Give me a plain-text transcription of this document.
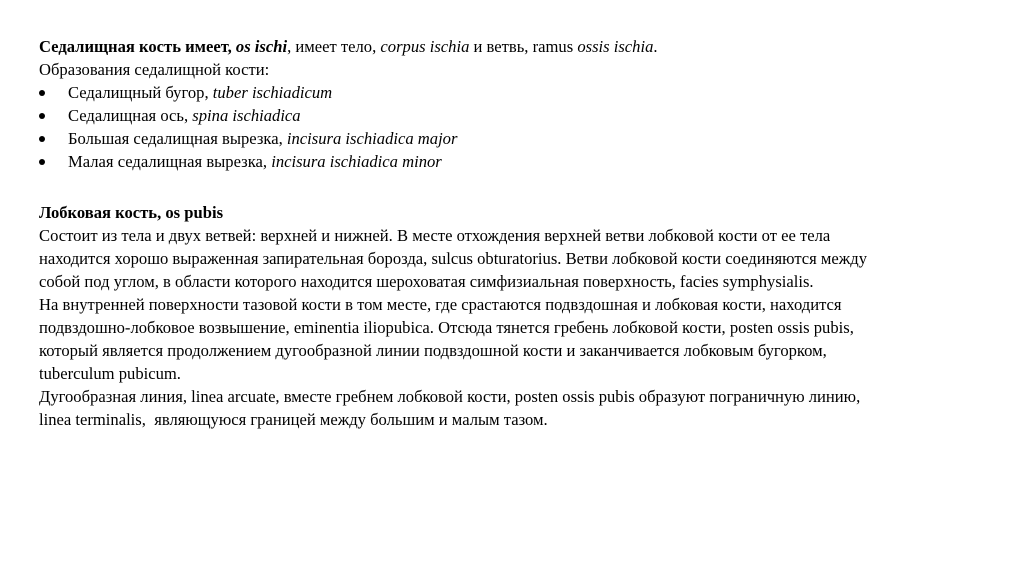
Седалищная кость имеет, os ischi, имеет тело, corpus ischia и ветвь, ramus ossis ischia.
Образования седалищной кости:
Седалищный бугор, tuber ischiadicum
Седалищная ось, spina ischiadica
Большая седалищная вырезка, incisura ischiadica major
Малая седалищная вырезка, incisura ischiadica minor
Лобковая кость, os pubis
Состоит из тела и двух ветвей: верхней и нижней. В месте отхождения верхней ветви лобковой кости от ее тела
находится хорошо выраженная запирательная борозда, sulcus obturatorius. Ветви лобковой кости соединяются между
собой под углом, в области которого находится шероховатая симфизиальная поверхность, facies symphysialis.
На внутренней поверхности тазовой кости в том месте, где срастаются подвздошная и лобковая кости, находится
подвздошно-лобковое возвышение, eminentia iliopubica. Отсюда тянется гребень лобковой кости, posten ossis pubis,
который является продолжением дугообразной линии подвздошной кости и заканчивается лобковым бугорком,
tuberculum pubicum.
Дугообразная линия, linea arcuate, вместе гребнем лобковой кости, posten ossis pubis образуют пограничную линию,
linea terminalis,  являющуюся границей между большим и малым тазом.
